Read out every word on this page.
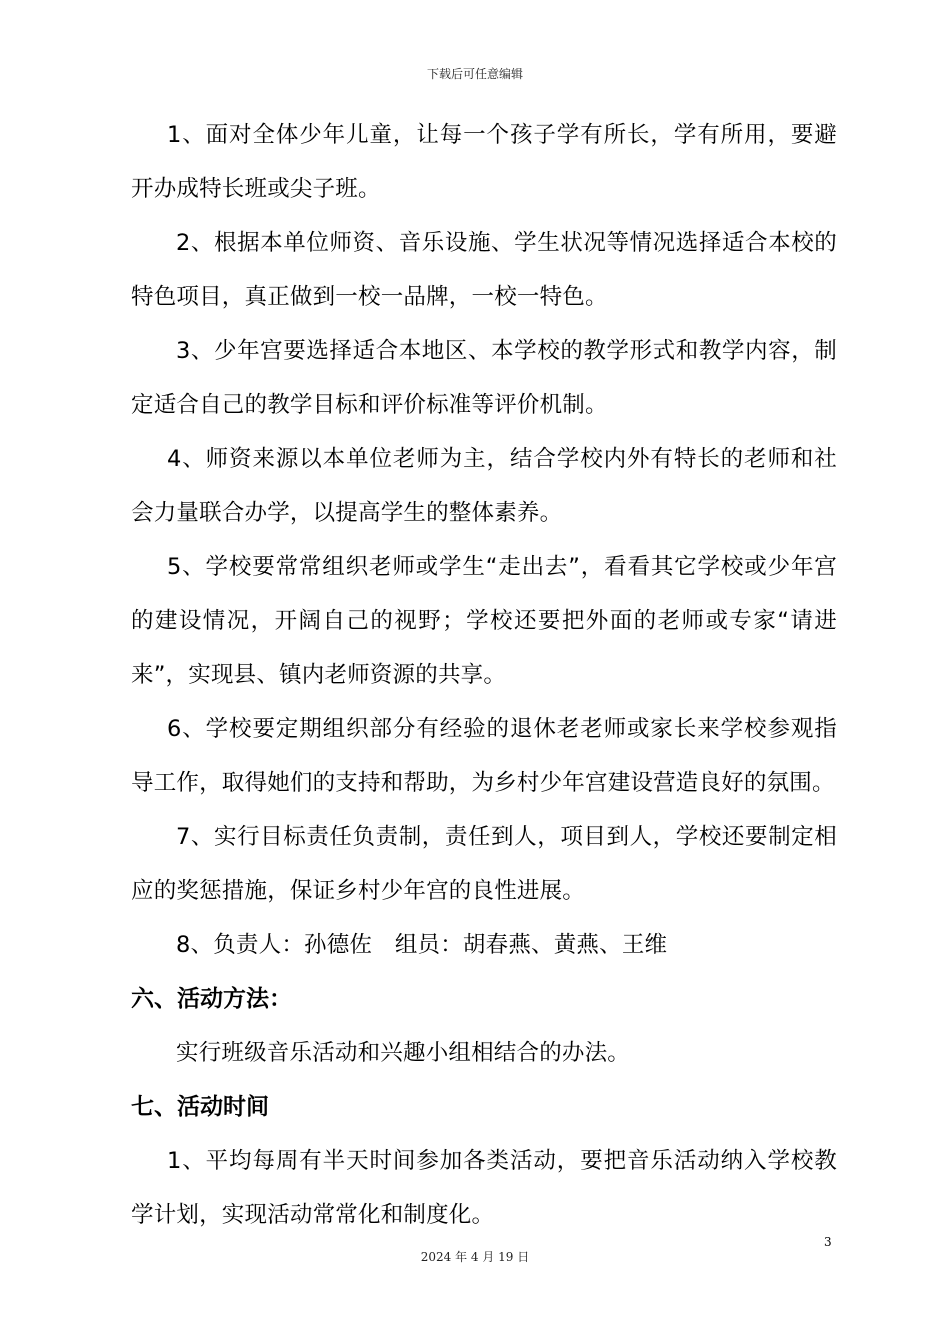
下载后可任意编辑

1、面对全体少年儿童，让每一个孩子学有所长，学有所用，要避开办成特长班或尖子班。

2、根据本单位师资、音乐设施、学生状况等情况选择适合本校的特色项目，真正做到一校一品牌，一校一特色。

3、少年宫要选择适合本地区、本学校的教学形式和教学内容，制定适合自己的教学目标和评价标准等评价机制。

4、师资来源以本单位老师为主，结合学校内外有特长的老师和社会力量联合办学，以提高学生的整体素养。

5、学校要常常组织老师或学生“走出去”，看看其它学校或少年宫的建设情况，开阔自己的视野；学校还要把外面的老师或专家“请进来”，实现县、镇内老师资源的共享。

6、学校要定期组织部分有经验的退休老老师或家长来学校参观指导工作，取得她们的支持和帮助，为乡村少年宫建设营造良好的氛围。

7、实行目标责任负责制，责任到人，项目到人，学校还要制定相应的奖惩措施，保证乡村少年宫的良性进展。

8、负责人：孙德佐　组员：胡春燕、黄燕、王维

六、活动方法：

实行班级音乐活动和兴趣小组相结合的办法。

七、活动时间

1、平均每周有半天时间参加各类活动，要把音乐活动纳入学校教学计划，实现活动常常化和制度化。

3
2024 年 4 月 19 日
